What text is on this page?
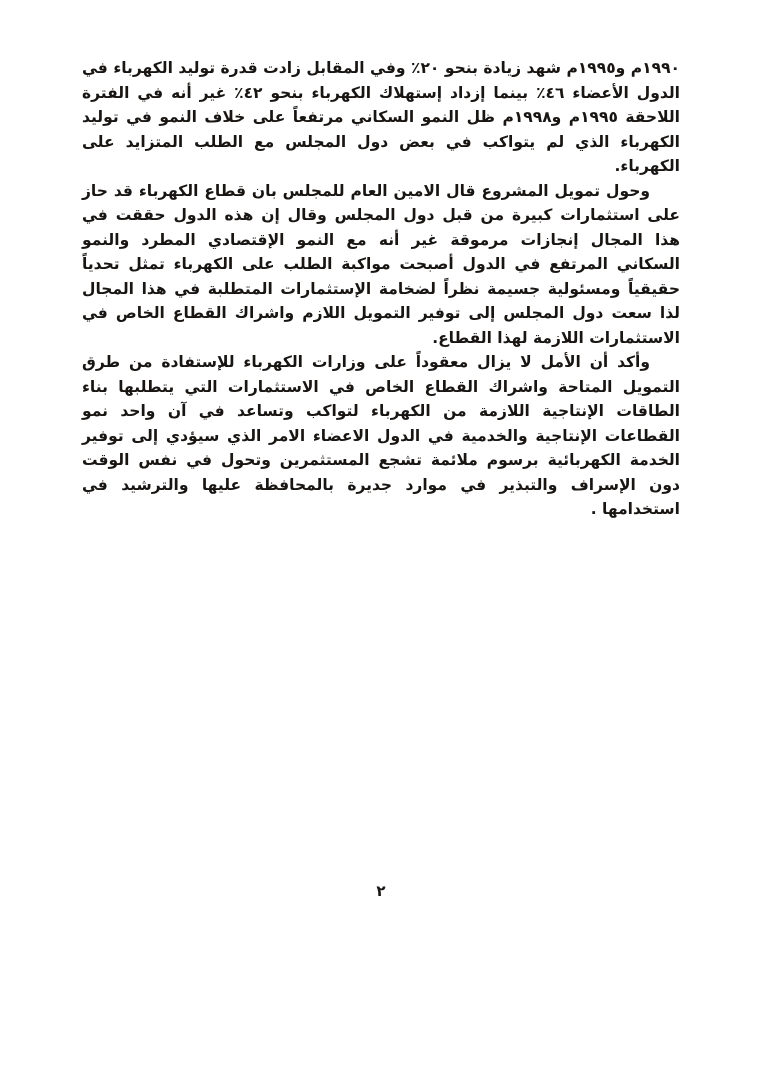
١٩٩٠م و١٩٩٥م شهد زيادة بنحو ٢٠٪ وفي المقابل زادت قدرة توليد الكهرباء في الدول الأعضاء ٤٦٪ بينما إزداد إستهلاك الكهرباء بنحو ٤٢٪ غير أنه في الفترة اللاحقة ١٩٩٥م و١٩٩٨م ظل النمو السكاني مرتفعاً على خلاف النمو في توليد الكهرباء الذي لم يتواكب في بعض دول المجلس مع الطلب المتزايد على الكهرباء.

وحول تمويل المشروع قال الامين العام للمجلس بان قطاع الكهرباء قد حاز على استثمارات كبيرة من قبل دول المجلس وقال إن هذه الدول حققت في هذا المجال إنجازات مرموقة غير أنه مع النمو الإقتصادي المطرد والنمو السكاني المرتفع في الدول أصبحت مواكبة الطلب على الكهرباء تمثل تحدياً حقيقياً ومسئولية جسيمة نظراً لضخامة الإستثمارات المتطلبة في هذا المجال لذا سعت دول المجلس إلى توفير التمويل اللازم واشراك القطاع الخاص في الاستثمارات اللازمة لهذا القطاع.

وأكد أن الأمل لا يزال معقوداً على وزارات الكهرباء للإستفادة من طرق التمويل المتاحة واشراك القطاع الخاص في الاستثمارات التي يتطلبها بناء الطاقات الإنتاجية اللازمة من الكهرباء لتواكب وتساعد في آن واحد نمو القطاعات الإنتاجية والخدمية في الدول الاعضاء الامر الذي سيؤدي إلى توفير الخدمة الكهربائية برسوم ملائمة تشجع المستثمرين وتحول في نفس الوقت دون الإسراف والتبذير في موارد جديرة بالمحافظة عليها والترشيد في استخدامها .

٢
